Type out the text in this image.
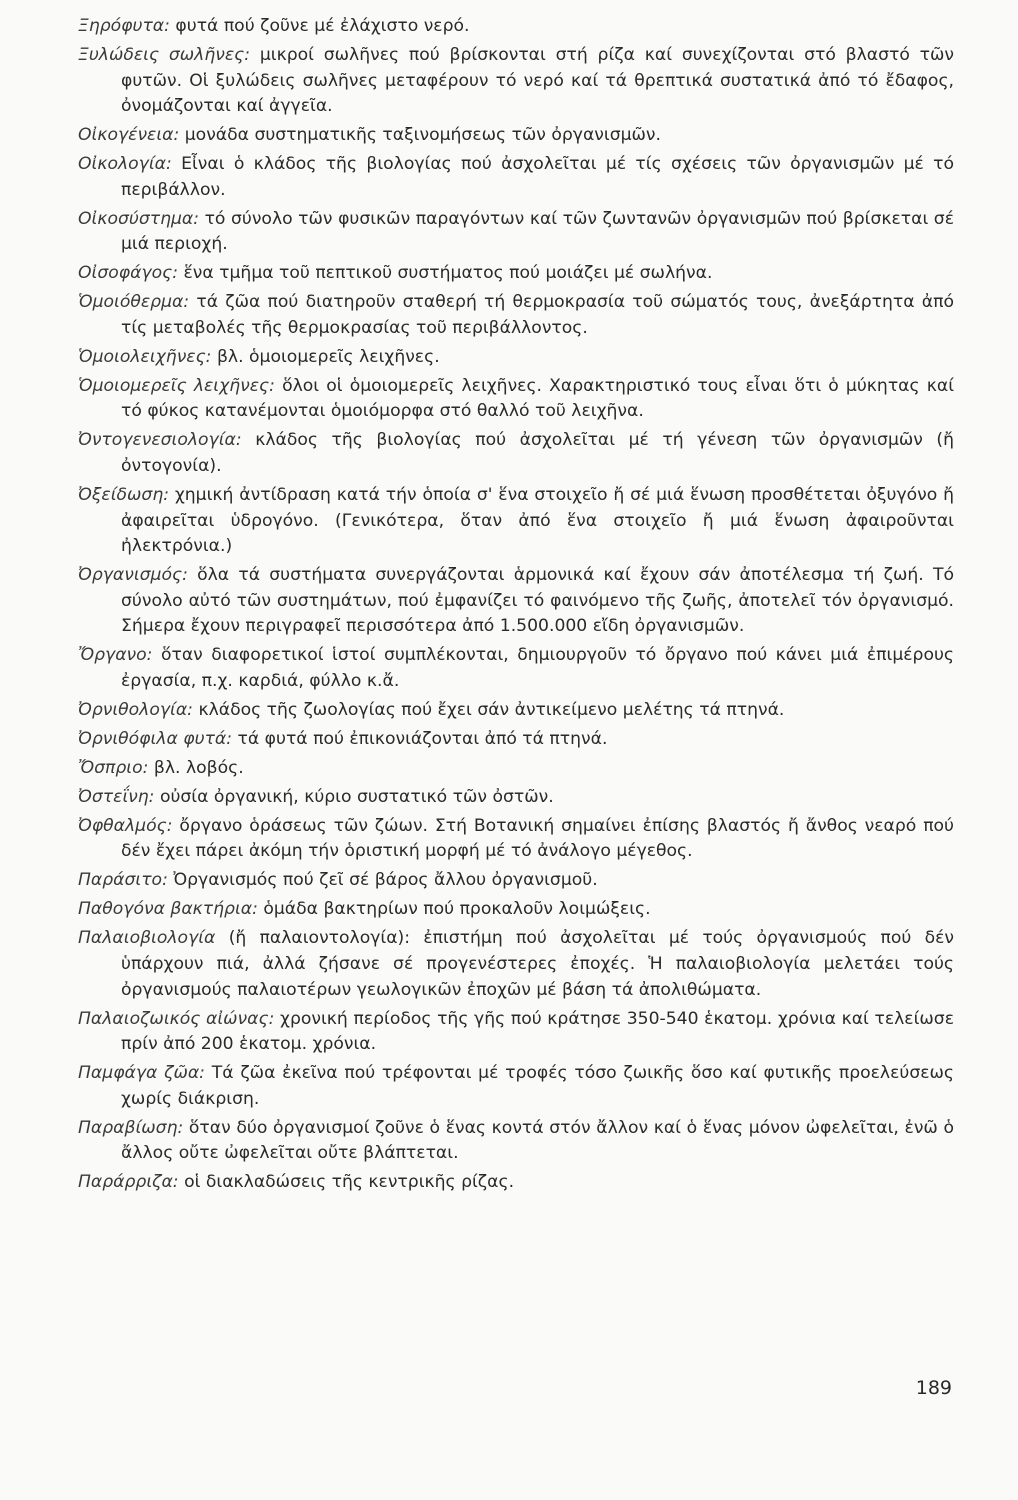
Ξηρόφυτα: φυτά πού ζοῦνε μέ ἐλάχιστο νερό.

Ξυλώδεις σωλῆνες: μικροί σωλῆνες πού βρίσκονται στή ρίζα καί συνεχίζονται στό βλαστό τῶν φυτῶν. Οἱ ξυλώδεις σωλῆνες μεταφέρουν τό νερό καί τά θρεπτικά συστατικά ἀπό τό ἔδαφος, ὀνομάζονται καί ἀγγεῖα.

Οἰκογένεια: μονάδα συστηματικῆς ταξινομήσεως τῶν ὀργανισμῶν.

Οἰκολογία: Εἶναι ὁ κλάδος τῆς βιολογίας πού ἀσχολεῖται μέ τίς σχέσεις τῶν ὀργανισμῶν μέ τό περιβάλλον.

Οἰκοσύστημα: τό σύνολο τῶν φυσικῶν παραγόντων καί τῶν ζωντανῶν ὀργανισμῶν πού βρίσκεται σέ μιά περιοχή.

Οἰσοφάγος: ἕνα τμῆμα τοῦ πεπτικοῦ συστήματος πού μοιάζει μέ σωλήνα.

Ὁμοιόθερμα: τά ζῶα πού διατηροῦν σταθερή τή θερμοκρασία τοῦ σώματός τους, ἀνεξάρτητα ἀπό τίς μεταβολές τῆς θερμοκρασίας τοῦ περιβάλλοντος.

Ὁμοιολειχῆνες: βλ. ὁμοιομερεῖς λειχῆνες.

Ὁμοιομερεῖς λειχῆνες: ὅλοι οἱ ὁμοιομερεῖς λειχῆνες. Χαρακτηριστικό τους εἶναι ὅτι ὁ μύκητας καί τό φύκος κατανέμονται ὁμοιόμορφα στό θαλλό τοῦ λειχῆνα.

Ὀντογενεσιολογία: κλάδος τῆς βιολογίας πού ἀσχολεῖται μέ τή γένεση τῶν ὀργανισμῶν (ἤ ὀντογονία).

Ὀξείδωση: χημική ἀντίδραση κατά τήν ὁποία σ' ἕνα στοιχεῖο ἤ σέ μιά ἕνωση προσθέτεται ὀξυγόνο ἤ ἀφαιρεῖται ὑδρογόνο. (Γενικότερα, ὅταν ἀπό ἕνα στοιχεῖο ἤ μιά ἕνωση ἀφαιροῦνται ἠλεκτρόνια.)

Ὀργανισμός: ὅλα τά συστήματα συνεργάζονται ἁρμονικά καί ἔχουν σάν ἀποτέλεσμα τή ζωή. Τό σύνολο αὐτό τῶν συστημάτων, πού ἐμφανίζει τό φαινόμενο τῆς ζωῆς, ἀποτελεῖ τόν ὀργανισμό. Σήμερα ἔχουν περιγραφεῖ περισσότερα ἀπό 1.500.000 εἴδη ὀργανισμῶν.

Ὄργανο: ὅταν διαφορετικοί ἱστοί συμπλέκονται, δημιουργοῦν τό ὄργανο πού κάνει μιά ἐπιμέρους ἐργασία, π.χ. καρδιά, φύλλο κ.ἄ.

Ὀρνιθολογία: κλάδος τῆς ζωολογίας πού ἔχει σάν ἀντικείμενο μελέτης τά πτηνά.

Ὀρνιθόφιλα φυτά: τά φυτά πού ἐπικονιάζονται ἀπό τά πτηνά.

Ὄσπριο: βλ. λοβός.

Ὀστεΐνη: οὐσία ὀργανική, κύριο συστατικό τῶν ὀστῶν.

Ὀφθαλμός: ὄργανο ὁράσεως τῶν ζώων. Στή Βοτανική σημαίνει ἐπίσης βλαστός ἤ ἄνθος νεαρό πού δέν ἔχει πάρει ἀκόμη τήν ὁριστική μορφή μέ τό ἀνάλογο μέγεθος.

Παράσιτο: Ὀργανισμός πού ζεῖ σέ βάρος ἄλλου ὀργανισμοῦ.

Παθογόνα βακτήρια: ὁμάδα βακτηρίων πού προκαλοῦν λοιμώξεις.

Παλαιοβιολογία (ἤ παλαιοντολογία): ἐπιστήμη πού ἀσχολεῖται μέ τούς ὀργανισμούς πού δέν ὑπάρχουν πιά, ἀλλά ζήσανε σέ προγενέστερες ἐποχές. Ἡ παλαιοβιολογία μελετάει τούς ὀργανισμούς παλαιοτέρων γεωλογικῶν ἐποχῶν μέ βάση τά ἀπολιθώματα.

Παλαιοζωικός αἰώνας: χρονική περίοδος τῆς γῆς πού κράτησε 350-540 ἑκατομ. χρόνια καί τελείωσε πρίν ἀπό 200 ἑκατομ. χρόνια.

Παμφάγα ζῶα: Τά ζῶα ἐκεῖνα πού τρέφονται μέ τροφές τόσο ζωικῆς ὅσο καί φυτικῆς προελεύσεως χωρίς διάκριση.

Παραβίωση: ὅταν δύο ὀργανισμοί ζοῦνε ὁ ἕνας κοντά στόν ἄλλον καί ὁ ἕνας μόνον ὠφελεῖται, ἐνῶ ὁ ἄλλος οὔτε ὠφελεῖται οὔτε βλάπτεται.

Παράρριζα: οἱ διακλαδώσεις τῆς κεντρικῆς ρίζας.

189
